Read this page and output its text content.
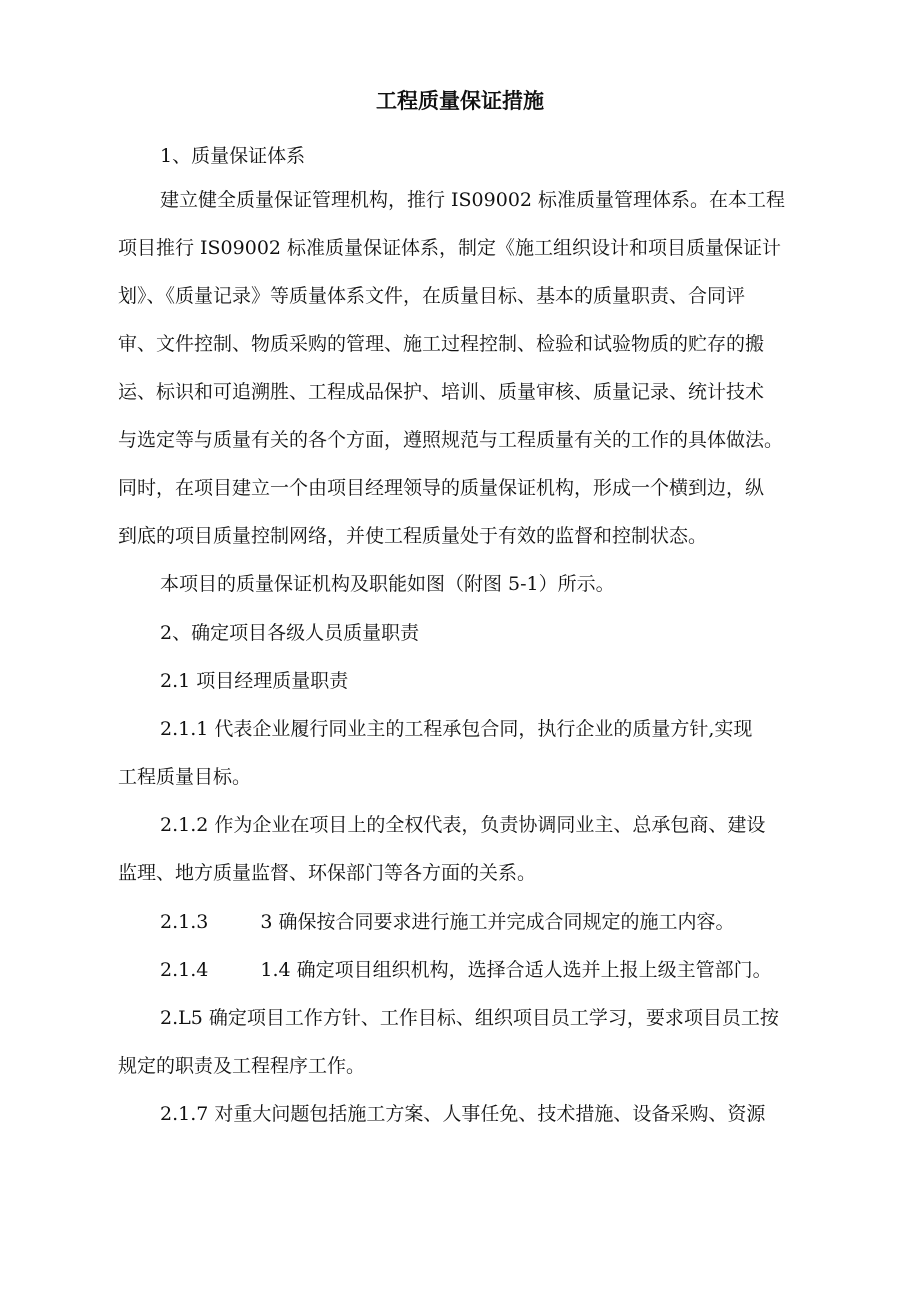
工程质量保证措施

1、质量保证体系

建立健全质量保证管理机构，推行 IS09002 标准质量管理体系。在本工程

项目推行 IS09002 标准质量保证体系，制定《施工组织设计和项目质量保证计

划》、《质量记录》等质量体系文件，在质量目标、基本的质量职责、合同评

审、文件控制、物质采购的管理、施工过程控制、检验和试验物质的贮存的搬

运、标识和可追溯胜、工程成品保护、培训、质量审核、质量记录、统计技术

与选定等与质量有关的各个方面，遵照规范与工程质量有关的工作的具体做法。

同时，在项目建立一个由项目经理领导的质量保证机构，形成一个横到边，纵

到底的项目质量控制网络，并使工程质量处于有效的监督和控制状态。

本项目的质量保证机构及职能如图（附图 5-1）所示。

2、确定项目各级人员质量职责

2.1 项目经理质量职责

2.1.1 代表企业履行同业主的工程承包合同，执行企业的质量方针,实现

工程质量目标。

2.1.2 作为企业在项目上的全权代表，负责协调同业主、总承包商、建设

监理、地方质量监督、环保部门等各方面的关系。

2.1.3	3 确保按合同要求进行施工并完成合同规定的施工内容。

2.1.4	1.4 确定项目组织机构，选择合适人选并上报上级主管部门。

2.L5 确定项目工作方针、工作目标、组织项目员工学习，要求项目员工按

规定的职责及工程程序工作。

2.1.7 对重大问题包括施工方案、人事任免、技术措施、设备采购、资源
